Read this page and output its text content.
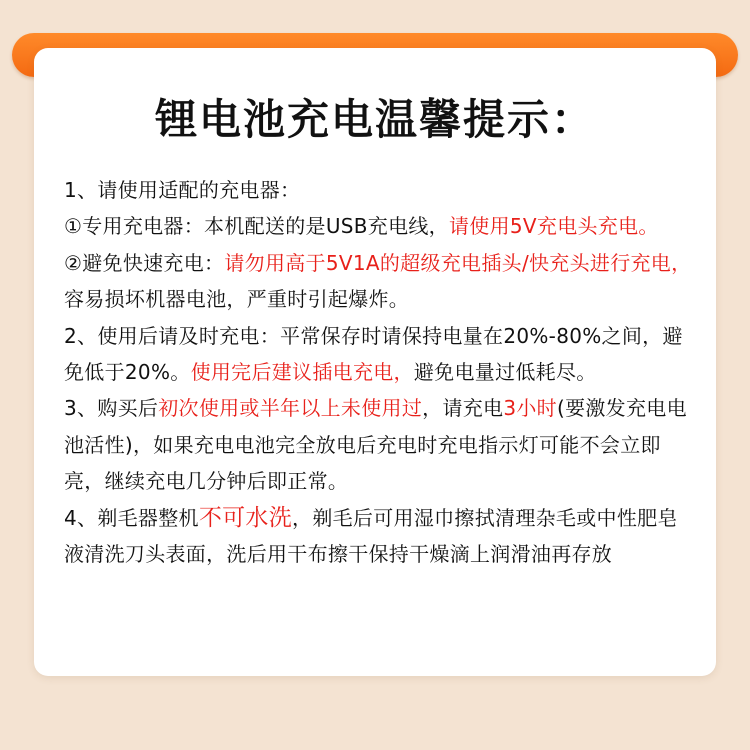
锂电池充电温馨提示：

1、请使用适配的充电器：

①专用充电器：本机配送的是USB充电线，请使用5V充电头充电。

②避免快速充电：请勿用高于5V1A的超级充电插头/快充头进行充电，容易损坏机器电池，严重时引起爆炸。

2、使用后请及时充电：平常保存时请保持电量在20%-80%之间，避免低于20%。使用完后建议插电充电，避免电量过低耗尽。

3、购买后初次使用或半年以上未使用过，请充电3小时(要激发充电电池活性)，如果充电电池完全放电后充电时充电指示灯可能不会立即亮，继续充电几分钟后即正常。

4、剃毛器整机不可水洗，剃毛后可用湿巾擦拭清理杂毛或中性肥皂液清洗刀头表面，洗后用干布擦干保持干燥滴上润滑油再存放
